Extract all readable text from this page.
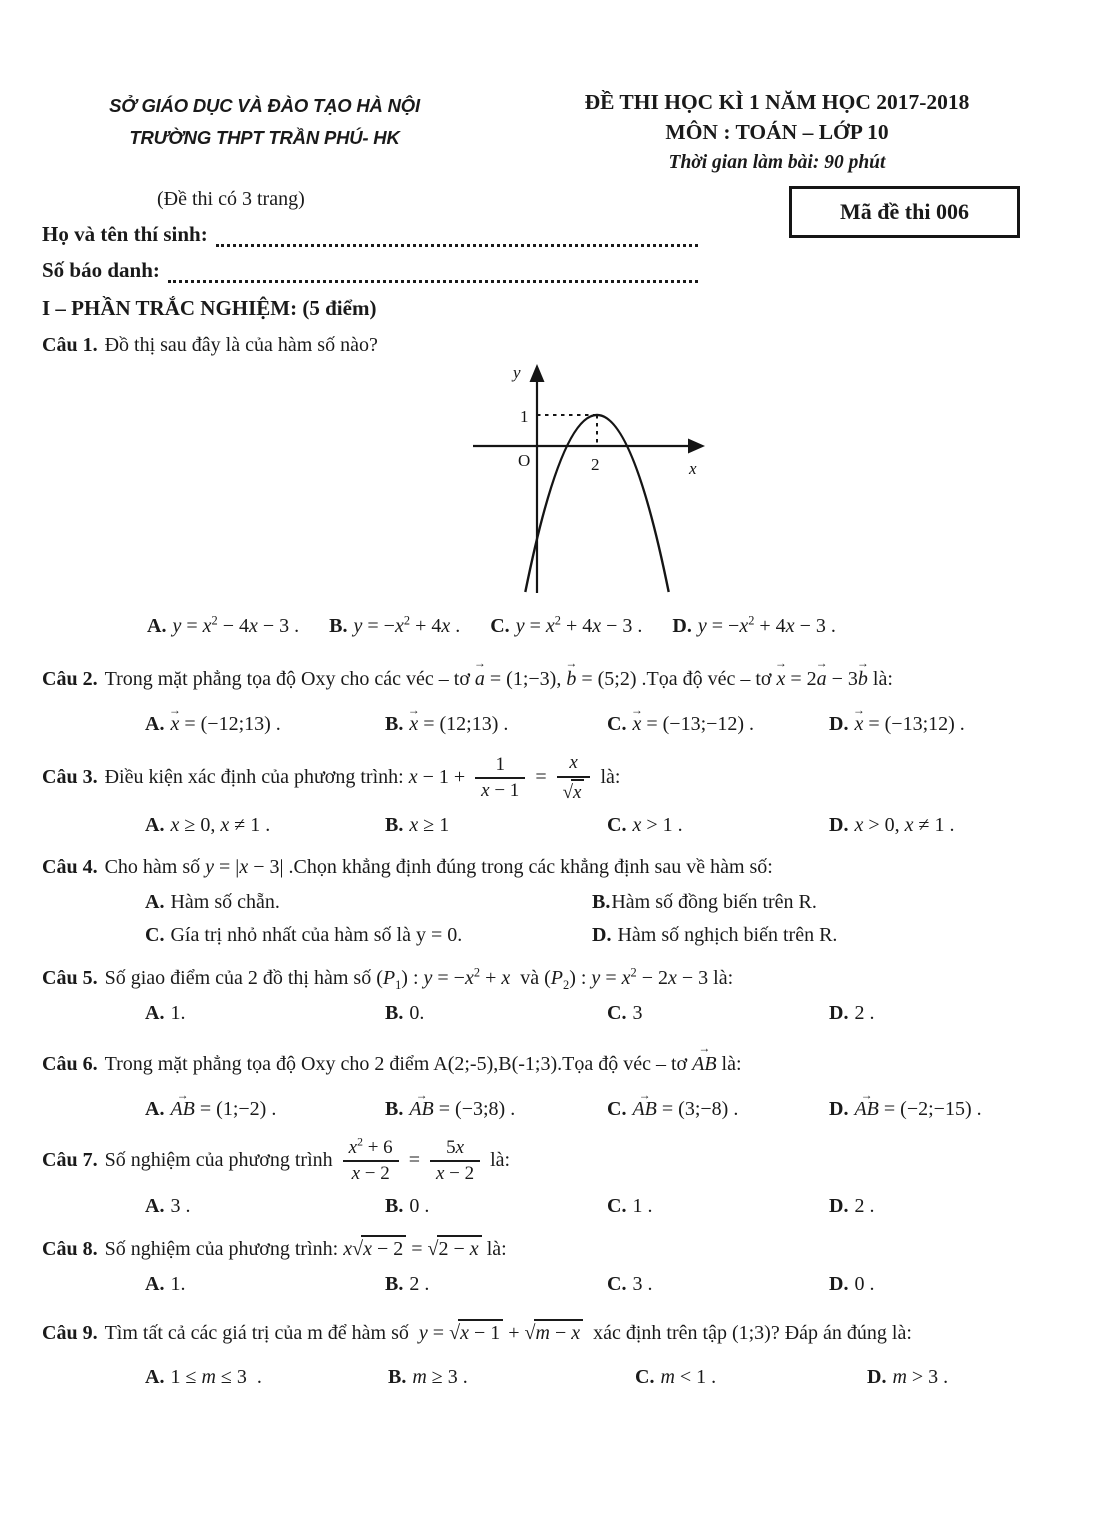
SỞ GIÁO DỤC VÀ ĐÀO TẠO HÀ NỘI
TRƯỜNG THPT TRẦN PHÚ- HK
ĐỀ THI HỌC KÌ 1 NĂM HỌC 2017-2018
MÔN : TOÁN – LỚP 10
Thời gian làm bài: 90 phút
(Đề thi có 3 trang)	Mã đề thi 006
Họ và tên thí sinh:
Số báo danh:
I – PHẦN TRẮC NGHIỆM: (5 điểm)

Câu 1. Đồ thị sau đây là của hàm số nào?

y
x
O
1
2
A. $y = x^2 - 4x - 3$ . B. $y = -x^2 + 4x$ . C. $y = x^2 + 4x - 3$ . D. $y = -x^2 + 4x - 3$ .

Câu 2. Trong mặt phẳng tọa độ Oxy cho các véc – tơ → a = (1;−3), → b = (5;2) .Tọa độ véc – tơ → x = 2→ a − 3→ b là:

A. → x = (−12;13) .	B. → x = (12;13) .	C. → x = (−13;−12) .	D. → x = (−13;12) .

Câu 3. Điều kiện xác định của phương trình: $x - 1 + \frac{1}{x - 1} = \frac{x}{√x}$ là:

A. x ≥ 0, x ≠ 1 .	B. x ≥ 1	C. x > 1 .	D. x > 0, x ≠ 1 .

Câu 4. Cho hàm số y = |x − 3| .Chọn khẳng định đúng trong các khẳng định sau về hàm số:

A. Hàm số chẵn.	B.Hàm số đồng biến trên R.
C. Gía trị nhỏ nhất của hàm số là y = 0.	D. Hàm số nghịch biến trên R.

Câu 5. Số giao điểm của 2 đồ thị hàm số $(P_1)$ : $y = -x^2 + x$  và $(P_2)$ : $y = x^2 - 2x - 3$ là:

A. 1.	B. 0.	C. 3	D. 2 .

Câu 6. Trong mặt phẳng tọa độ Oxy cho 2 điểm A(2;-5),B(-1;3).Tọa độ véc – tơ → AB là:

A. → AB = (1;−2) .	B. → AB = (−3;8) .	C. → AB = (3;−8) .	D. → AB = (−2;−15) .

Câu 7. Số nghiệm của phương trình $\frac{x^2 + 6}{x - 2} = \frac{5x}{x - 2}$ là:

A. 3 .	B. 0 .	C. 1 .	D. 2 .

Câu 8. Số nghiệm của phương trình: x√x − 2 = √2 − x là:

A. 1.	B. 2 .	C. 3 .	D. 0 .

Câu 9. Tìm tất cả các giá trị của m để hàm số  y = √x − 1 + √m − x  xác định trên tập (1;3)? Đáp án đúng là:

A. 1 ≤ m ≤ 3  .	B. m ≥ 3 .	C. m < 1 .	D. m > 3 .
